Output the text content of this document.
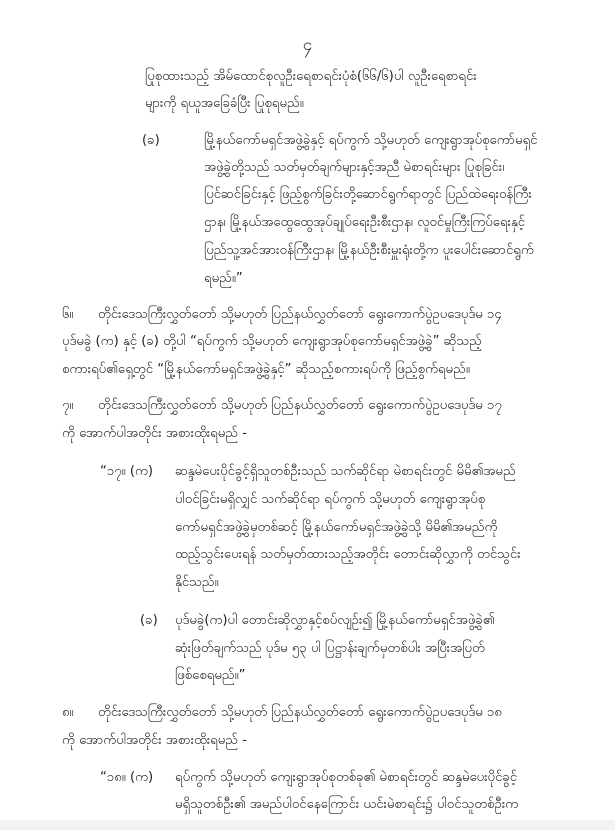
၄
ပြုစုထားသည့် အိမ်ထောင်စုလူဦးရေစာရင်းပုံစံ(၆၆/၆)ပါ လူဦးရေစာရင်း
များကို ရယူအခြေခံပြီး ပြုစုရမည်။
(ခ)	မြို့နယ်ကော်မရှင်အဖွဲ့ခွဲနှင့် ရပ်ကွက် သို့မဟုတ် ကျေးရွာအုပ်စုကော်မရှင်
အဖွဲ့ခွဲတို့သည် သတ်မှတ်ချက်များနှင့်အညီ မဲစာရင်းများ ပြုစုခြင်း၊
ပြင်ဆင်ခြင်းနှင့် ဖြည့်စွက်ခြင်းတို့ဆောင်ရွက်ရာတွင် ပြည်ထဲရေးဝန်ကြီး
ဌာန၊ မြို့နယ်အထွေထွေအုပ်ချုပ်ရေးဦးစီးဌာန၊ လူဝင်မှုကြီးကြပ်ရေးနှင့်
ပြည်သူ့အင်အားဝန်ကြီးဌာန၊ မြို့နယ်ဦးစီးမှူးရုံးတို့က ပူးပေါင်းဆောင်ရွက်
ရမည်။”
၆။ တိုင်းဒေသကြီးလွှတ်တော် သို့မဟုတ် ပြည်နယ်လွှတ်တော် ရွေးကောက်ပွဲဥပဒေပုဒ်မ ၁၄
ပုဒ်မခွဲ (က) နှင့် (ခ) တို့ပါ “ရပ်ကွက် သို့မဟုတ် ကျေးရွာအုပ်စုကော်မရှင်အဖွဲ့ခွဲ” ဆိုသည့်
စကားရပ်၏ရှေ့တွင် “မြို့နယ်ကော်မရှင်အဖွဲ့ခွဲနှင့်” ဆိုသည့်စကားရပ်ကို ဖြည့်စွက်ရမည်။
၇။ တိုင်းဒေသကြီးလွှတ်တော် သို့မဟုတ် ပြည်နယ်လွှတ်တော် ရွေးကောက်ပွဲဥပဒေပုဒ်မ ၁၇
ကို အောက်ပါအတိုင်း အစားထိုးရမည် -
“၁၇။ (က) ဆန္ဒမဲပေးပိုင်ခွင့်ရှိသူတစ်ဦးသည် သက်ဆိုင်ရာ မဲစာရင်းတွင် မိမိ၏အမည်
ပါဝင်ခြင်းမရှိလျှင် သက်ဆိုင်ရာ ရပ်ကွက် သို့မဟုတ် ကျေးရွာအုပ်စု
ကော်မရှင်အဖွဲ့ခွဲမှတစ်ဆင့် မြို့နယ်ကော်မရှင်အဖွဲ့ခွဲသို့ မိမိ၏အမည်ကို
ထည့်သွင်းပေးရန် သတ်မှတ်ထားသည့်အတိုင်း တောင်းဆိုလွှာကို တင်သွင်း
နိုင်သည်။
(ခ) ပုဒ်မခွဲ(က)ပါ တောင်းဆိုလွှာနှင့်စပ်လျဉ်း၍ မြို့နယ်ကော်မရှင်အဖွဲ့ခွဲ၏
ဆုံးဖြတ်ချက်သည် ပုဒ်မ ၅၃ ပါ ပြဋ္ဌာန်းချက်မှတစ်ပါး အပြီးအပြတ်
ဖြစ်စေရမည်။”
၈။ တိုင်းဒေသကြီးလွှတ်တော် သို့မဟုတ် ပြည်နယ်လွှတ်တော် ရွေးကောက်ပွဲဥပဒေပုဒ်မ ၁၈
ကို အောက်ပါအတိုင်း အစားထိုးရမည် -
“၁၈။ (က) ရပ်ကွက် သို့မဟုတ် ကျေးရွာအုပ်စုတစ်ခု၏ မဲစာရင်းတွင် ဆန္ဒမဲပေးပိုင်ခွင့်
မရှိသူတစ်ဦး၏ အမည်ပါဝင်နေကြောင်း ယင်းမဲစာရင်း၌ ပါဝင်သူတစ်ဦးက
